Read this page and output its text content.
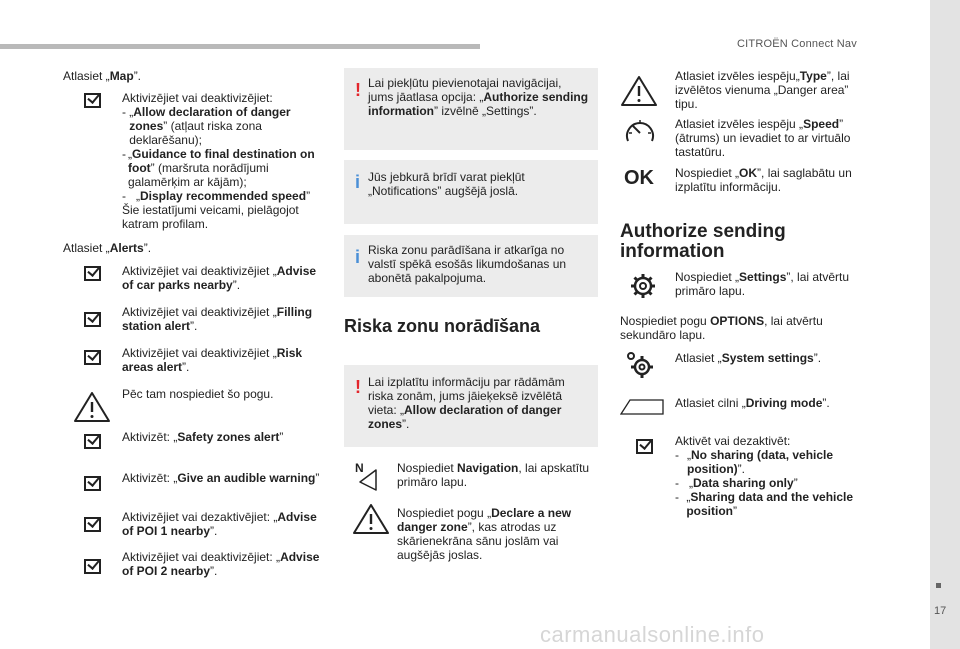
CITROËN Connect Nav
17
carmanualsonline.info
Atlasiet „Map”.
Aktivizējiet vai deaktivizējiet:
- „Allow declaration of danger zones” (atļaut riska zona deklarēšanu);
- „Guidance to final destination on foot” (maršruta norādījumi galamērķim ar kājām);
- „Display recommended speed”
Šie iestatījumi veicami, pielāgojot katram profilam.
Atlasiet „Alerts”.
Aktivizējiet vai deaktivizējiet „Advise of car parks nearby”.
Aktivizējiet vai deaktivizējiet „Filling station alert”.
Aktivizējiet vai deaktivizējiet „Risk areas alert”.
Pēc tam nospiediet šo pogu.
Aktivizēt: „Safety zones alert”
Aktivizēt: „Give an audible warning”
Aktivizējiet vai dezaktivējiet: „Advise of POI 1 nearby”.
Aktivizējiet vai deaktivizējiet: „Advise of POI 2 nearby”.
! Lai piekļūtu pievienotajai navigācijai, jums jāatlasa opcija: „Authorize sending information” izvēlnē „Settings”.
i Jūs jebkurā brīdī varat piekļūt „Notifications” augšējā joslā.
i Riska zonu parādīšana ir atkarīga no valstī spēkā esošās likumdošanas un abonētā pakalpojuma.
Riska zonu norādīšana
! Lai izplatītu informāciju par rādāmām riska zonām, jums jāieķeksē izvēlētā vieta: „Allow declaration of danger zones”.
N	Nospiediet Navigation, lai apskatītu primāro lapu.
Nospiediet pogu „Declare a new danger zone”, kas atrodas uz skārienekrāna sānu joslām vai augšējās joslas.
Atlasiet izvēles iespēju„Type”, lai izvēlētos vienuma „Danger area” tipu.
Atlasiet izvēles iespēju „Speed” (ātrums) un ievadiet to ar virtuālo tastatūru.
OK Nospiediet „OK”, lai saglabātu un izplatītu informāciju.
Authorize sending information
Nospiediet „Settings”, lai atvērtu primāro lapu.
Nospiediet pogu OPTIONS, lai atvērtu sekundāro lapu.
Atlasiet „System settings”.
Atlasiet cilni „Driving mode”.
Aktivēt vai dezaktivēt:
- „No sharing (data, vehicle position)”.
- „Data sharing only”
- „Sharing data and the vehicle position”
